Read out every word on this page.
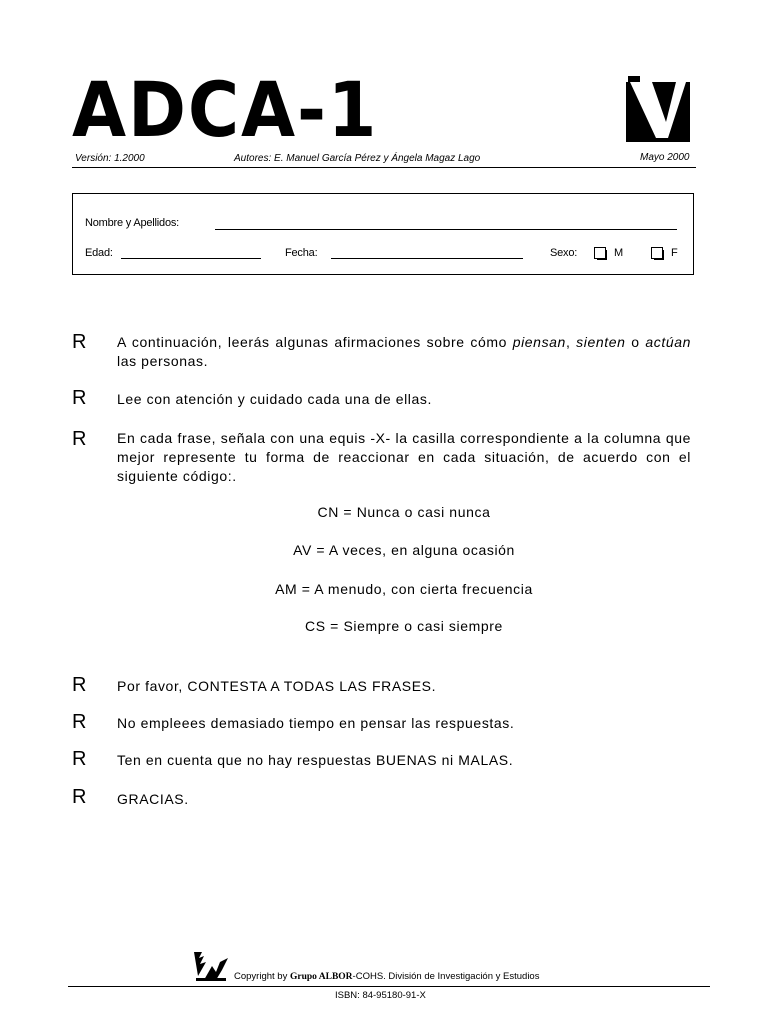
ADCA-1
Versión: 1.2000	Autores: E. Manuel García Pérez y Ángela Magaz Lago	Mayo 2000
Nombre y Apellidos:
Edad:	Fecha:	Sexo:	M	F
R A continuación, leerás algunas afirmaciones sobre cómo piensan, sienten o actúan las personas.
R Lee con atención y cuidado cada una de ellas.
R En cada frase, señala con una equis -X- la casilla correspondiente a la columna que mejor represente tu forma de reaccionar en cada situación, de acuerdo con el siguiente código:.
CN = Nunca o casi nunca
AV = A veces, en alguna ocasión
AM = A menudo, con cierta frecuencia
CS = Siempre o casi siempre
R Por favor, CONTESTA A TODAS LAS FRASES.
R No empleees demasiado tiempo en pensar las respuestas.
R Ten en cuenta que no hay respuestas BUENAS ni MALAS.
R GRACIAS.
Copyright by Grupo ALBOR-COHS. División de Investigación y Estudios
ISBN: 84-95180-91-X
